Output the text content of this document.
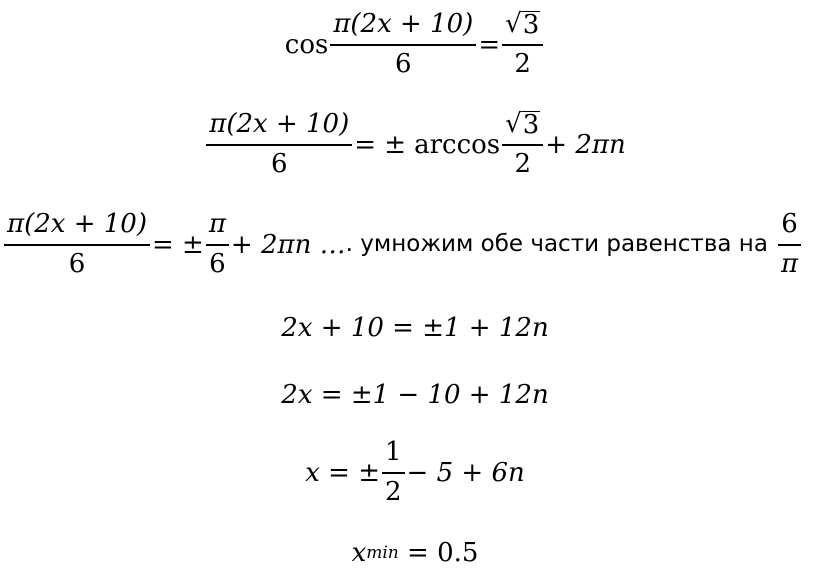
$\cos \frac{\pi(2x + 10)}{6} = \frac{√ 3}{2}$
$\frac{\pi(2x + 10)}{6}$ = ± $\arccos \frac{√ 3}{2} + 2\pi n$
$\frac{\pi(2x + 10)}{6}$ = ± $\frac{\pi}{6} + 2\pi n$ … . умножим обе части равенства на $\frac{6}{\pi}$
2x + 10 = ±1 + 12n
2x = ±1 − 10 + 12n
x = ± $\frac{1}{2} - 5 + 6n$
x min = 0.5
